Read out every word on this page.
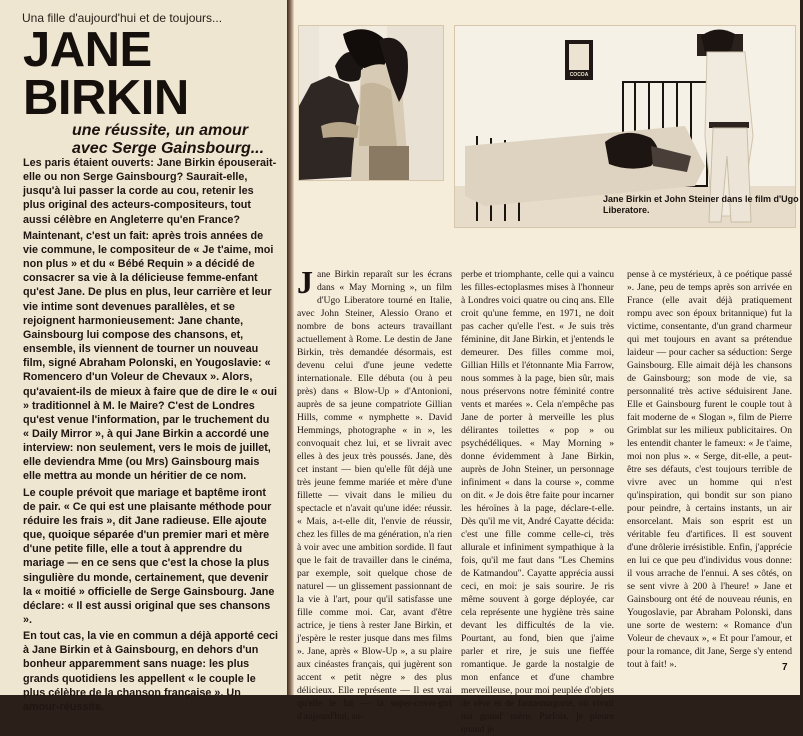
Una fille d'aujourd'hui et de toujours...
JANE BIRKIN
une réussite, un amour avec Serge Gainsbourg...

Les paris étaient ouverts: Jane Birkin épouserait-elle ou non Serge Gainsbourg? Saurait-elle, jusqu'à lui passer la corde au cou, retenir les plus original des acteurs-compositeurs, tout aussi célèbre en Angleterre qu'en France?

Maintenant, c'est un fait: après trois années de vie commune, le compositeur de « Je t'aime, moi non plus » et du « Bébé Requin » a décidé de consacrer sa vie à la délicieuse femme-enfant qu'est Jane. De plus en plus, leur carrière et leur vie intime sont devenues parallèles, et se rejoignent harmonieusement: Jane chante, Gainsbourg lui compose des chansons, et, ensemble, ils viennent de tourner un nouveau film, signé Abraham Polonski, en Yougoslavie: « Romencero d'un Voleur de Chevaux ». Alors, qu'avaient-ils de mieux à faire que de dire le « oui » traditionnel à M. le Maire? C'est de Londres qu'est venue l'information, par le truchement du « Daily Mirror », à qui Jane Birkin a accordé une interview: non seulement, vers le mois de juillet, elle deviendra Mme (ou Mrs) Gainsbourg mais elle mettra au monde un héritier de ce nom.

Le couple prévoit que mariage et baptême iront de pair. « Ce qui est une plaisante méthode pour réduire les frais », dit Jane radieuse. Elle ajoute que, quoique séparée d'un premier mari et mère d'une petite fille, elle a tout à apprendre du mariage — en ce sens que c'est la chose la plus singulière du monde, certainement, que devenir la « moitié » officielle de Serge Gainsbourg. Jane déclare: « Il est aussi original que ses chansons ».

En tout cas, la vie en commun a déjà apporté ceci à Jane Birkin et à Gainsbourg, en dehors d'un bonheur apparemment sans nuage: les plus grands quotidiens les appellent « le couple le plus célèbre de la chanson française ». Un amour-réussite.

COCOA
Jane Birkin et John Steiner dans le film d'Ugo Liberatore.
J ane Birkin reparaît sur les écrans dans « May Morning », un film d'Ugo Liberatore tourné en Italie, avec John Steiner, Alessio Orano et nombre de bons acteurs travaillant actuellement à Rome. Le destin de Jane Birkin, très demandée désormais, est devenu celui d'une jeune vedette internationale. Elle débuta (ou à peu près) dans « Blow-Up » d'Antonioni, auprès de sa jeune compatriote Gillian Hills, comme « nymphette ». David Hemmings, photographe « in », les convoquait chez lui, et se livrait avec elles à des jeux très poussés. Jane, dès cet instant — bien qu'elle fût déjà une très jeune femme mariée et mère d'une fillette — vivait dans le milieu du spectacle et n'avait qu'une idée: réussir. « Mais, a-t-elle dit, l'envie de réussir, chez les filles de ma génération, n'a rien à voir avec une ambition sordide. Il faut que le fait de travailler dans le cinéma, par exemple, soit quelque chose de naturel — un glissement passionnant de la vie à l'art, pour qu'il satisfasse une fille comme moi. Car, avant d'être actrice, je tiens à rester Jane Birkin, et j'espère le rester jusque dans mes films ». Jane, après « Blow-Up », a su plaire aux cinéastes français, qui jugèrent son accent « petit nègre » des plus délicieux. Elle représente — Il est vrai qu'elle le fut — la super-cover-girl d'aujourd'hui, su-

perbe et triomphante, celle qui a vaincu les filles-ectoplasmes mises à l'honneur à Londres voici quatre ou cinq ans. Elle croit qu'une femme, en 1971, ne doit pas cacher qu'elle l'est. « Je suis très féminine, dit Jane Birkin, et j'entends le demeurer. Des filles comme moi, Gillian Hills et l'étonnante Mia Farrow, nous sommes à la page, bien sûr, mais nous préservons notre féminité contre vents et marées ». Cela n'empêche pas Jane de porter à merveille les plus délirantes toilettes « pop » ou psychédéliques. « May Morning » donne évidemment à Jane Birkin, auprès de John Steiner, un personnage infiniment « dans la course », comme on dit. « Je dois être faite pour incarner les héroïnes à la page, déclare-t-elle. Dès qu'il me vit, André Cayatte décida: c'est une fille comme celle-ci, très allurale et infiniment sympathique à la fois, qu'il me faut dans "Les Chemins de Katmandou". Cayatte apprécia aussi ceci, en moi: je sais sourire. Je ris même souvent à gorge déployée, car cela représente une hygiène très saine devant les difficultés de la vie. Pourtant, au fond, bien que j'aime parler et rire, je suis une fieffée romantique. Je garde la nostalgie de mon enfance et d'une chambre merveilleuse, pour moi peuplée d'objets de rêve et de fantasmagorie, où vivait ma grand' mère. Parfois, je pleure quand je

pense à ce mystérieux, à ce poétique passé ». Jane, peu de temps après son arrivée en France (elle avait déjà pratiquement rompu avec son époux britannique) fut la victime, consentante, d'un grand charmeur qui met toujours en avant sa prétendue laideur — pour cacher sa séduction: Serge Gainsbourg. Elle aimait déjà les chansons de Gainsbourg; son mode de vie, sa personnalité très active séduisirent Jane. Elle et Gainsbourg furent le couple tout à fait moderne de « Slogan », film de Pierre Grimblat sur les milieux publicitaires. On les entendit chanter le fameux: « Je t'aime, moi non plus ». « Serge, dit-elle, a peut-être ses défauts, c'est toujours terrible de vivre avec un homme qui n'est qu'inspiration, qui bondit sur son piano pour peindre, à certains instants, un air ensorcelant. Mais son esprit est un véritable feu d'artifices. Il est souvent d'une drôlerie irrésistible. Enfin, j'apprécie en lui ce que peu d'individus vous donne: il vous arrache de l'ennui. A ses côtés, on se sent vivre à 200 à l'heure! » Jane et Gainsbourg ont été de nouveau réunis, en Yougoslavie, par Abraham Polonski, dans une sorte de western: « Romance d'un Voleur de chevaux », « Et pour l'amour, et pour la romance, dit Jane, Serge s'y entend tout à fait! ».	7
